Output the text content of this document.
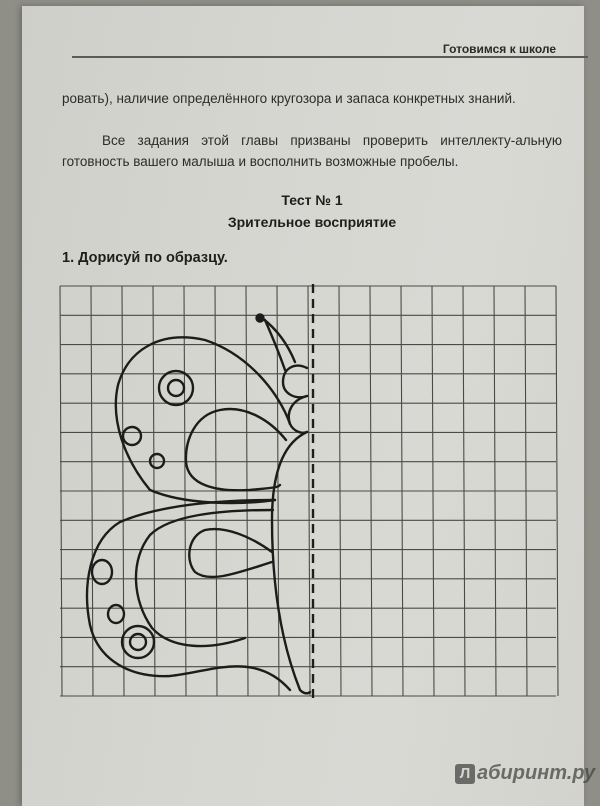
Готовимся к школе
ровать), наличие определённого кругозора и запаса конкретных знаний.
Все задания этой главы призваны проверить интеллекту-альную готовность вашего малыша и восполнить возможные пробелы.
Тест № 1
Зрительное восприятие
1. Дорисуй по образцу.
Л абиринт.ру
